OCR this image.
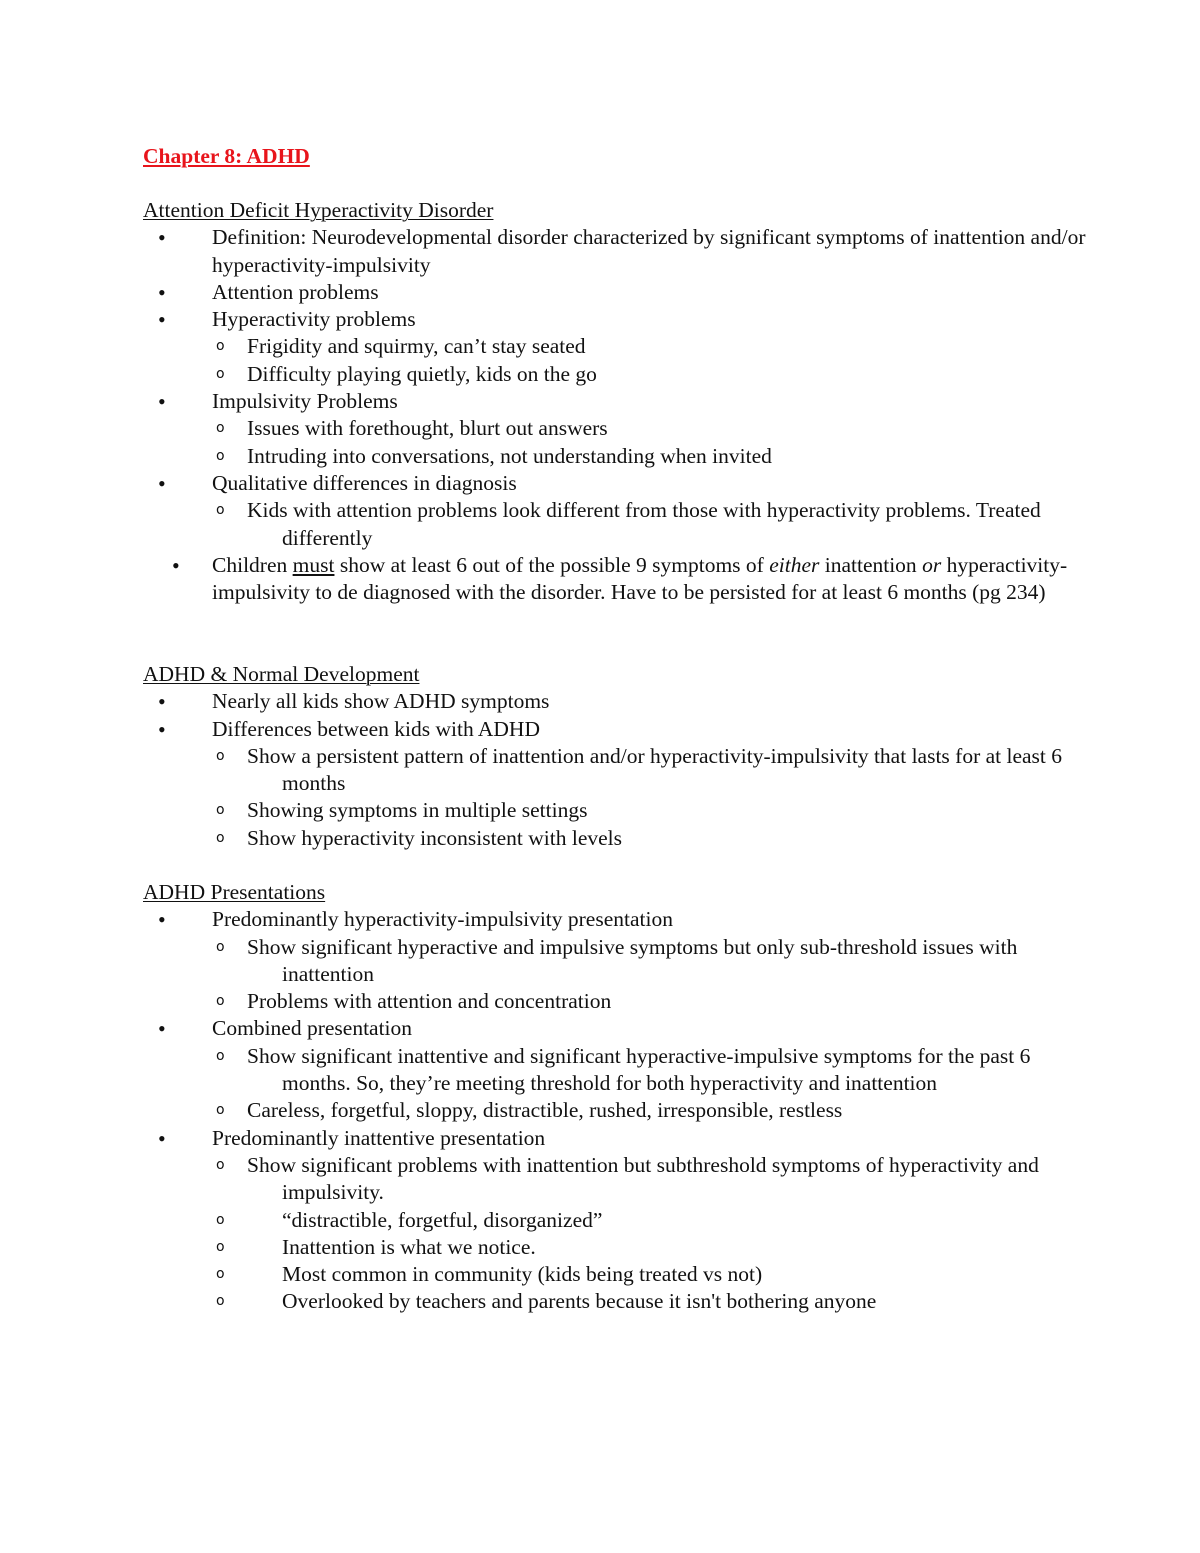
Chapter 8: ADHD
Attention Deficit Hyperactivity Disorder
• Definition: Neurodevelopmental disorder characterized by significant symptoms of inattention and/or hyperactivity-impulsivity
• Attention problems
• Hyperactivity problems
o Frigidity and squirmy, can’t stay seated
o Difficulty playing quietly, kids on the go
• Impulsivity Problems
o Issues with forethought, blurt out answers
o Intruding into conversations, not understanding when invited
• Qualitative differences in diagnosis
o Kids with attention problems look different from those with hyperactivity problems. Treated differently
• Children must show at least 6 out of the possible 9 symptoms of either inattention or hyperactivity-impulsivity to de diagnosed with the disorder. Have to be persisted for at least 6 months (pg 234)
ADHD & Normal Development
• Nearly all kids show ADHD symptoms
• Differences between kids with ADHD
o Show a persistent pattern of inattention and/or hyperactivity-impulsivity that lasts for at least 6 months
o Showing symptoms in multiple settings
o Show hyperactivity inconsistent with levels
ADHD Presentations
• Predominantly hyperactivity-impulsivity presentation
o Show significant hyperactive and impulsive symptoms but only sub-threshold issues with inattention
o Problems with attention and concentration
• Combined presentation
o Show significant inattentive and significant hyperactive-impulsive symptoms for the past 6 months. So, they’re meeting threshold for both hyperactivity and inattention
o Careless, forgetful, sloppy, distractible, rushed, irresponsible, restless
• Predominantly inattentive presentation
o Show significant problems with inattention but subthreshold symptoms of hyperactivity and impulsivity.
o	“distractible, forgetful, disorganized”
o	Inattention is what we notice.
o	Most common in community (kids being treated vs not)
o	Overlooked by teachers and parents because it isn't bothering anyone
